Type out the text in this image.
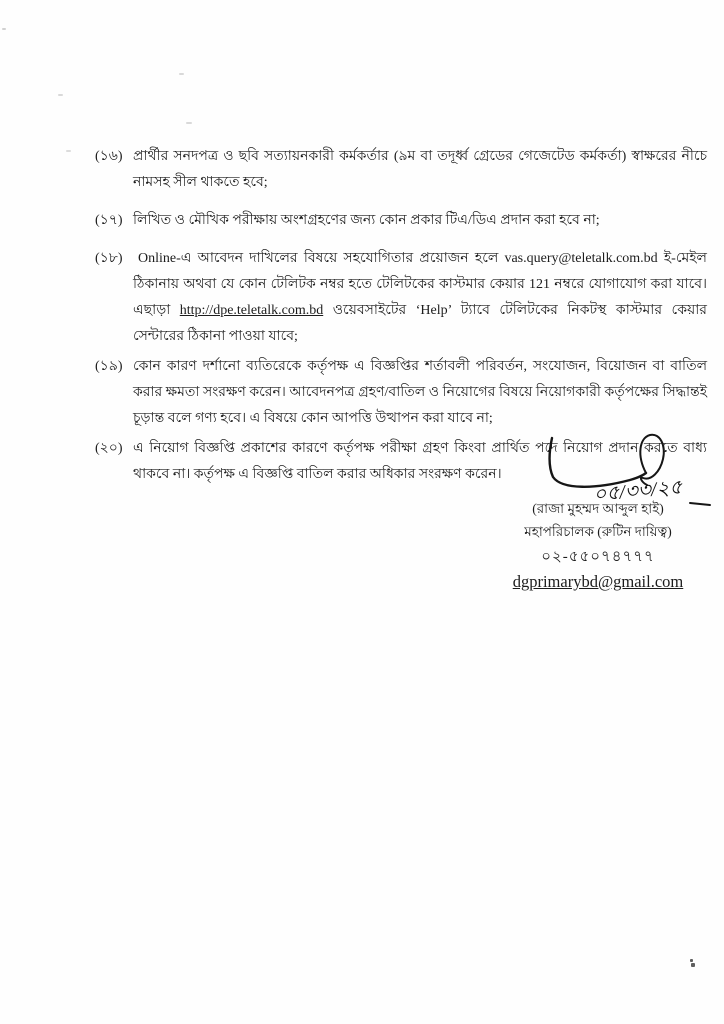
(১৬) প্রার্থীর সনদপত্র ও ছবি সত্যায়নকারী কর্মকর্তার (৯ম বা তদূর্ধ্ব গ্রেডের গেজেটেড কর্মকর্তা) স্বাক্ষরের নীচে নামসহ সীল থাকতে হবে;

(১৭) লিখিত ও মৌখিক পরীক্ষায় অংশগ্রহণের জন্য কোন প্রকার টিএ/ডিএ প্রদান করা হবে না;

(১৮)	Online-এ আবেদন দাখিলের বিষয়ে সহযোগিতার প্রয়োজন হলে vas.query@teletalk.com.bd ই-মেইল ঠিকানায় অথবা যে কোন টেলিটক নম্বর হতে টেলিটকের কাস্টমার কেয়ার 121 নম্বরে যোগাযোগ করা যাবে। এছাড়া http://dpe.teletalk.com.bd ওয়েবসাইটের ‘Help’ ট্যাবে টেলিটকের নিকটস্থ কাস্টমার কেয়ার সেন্টারের ঠিকানা পাওয়া যাবে;

(১৯) কোন কারণ দর্শানো ব্যতিরেকে কর্তৃপক্ষ এ বিজ্ঞপ্তির শর্তাবলী পরিবর্তন, সংযোজন, বিয়োজন বা বাতিল করার ক্ষমতা সংরক্ষণ করেন। আবেদনপত্র গ্রহণ/বাতিল ও নিয়োগের বিষয়ে নিয়োগকারী কর্তৃপক্ষের সিদ্ধান্তই চূড়ান্ত বলে গণ্য হবে। এ বিষয়ে কোন আপত্তি উত্থাপন করা যাবে না;

(২০) এ নিয়োগ বিজ্ঞপ্তি প্রকাশের কারণে কর্তৃপক্ষ পরীক্ষা গ্রহণ কিংবা প্রার্থিত পদে নিয়োগ প্রদান করতে বাধ্য থাকবে না। কর্তৃপক্ষ এ বিজ্ঞপ্তি বাতিল করার অধিকার সংরক্ষণ করেন।

০৫/৩৩/২৫
(রাজা মুহম্মদ আব্দুল হাই)
মহাপরিচালক (রুটিন দায়িত্ব)
০২-৫৫০৭৪৭৭৭
dgprimarybd@gmail.com
